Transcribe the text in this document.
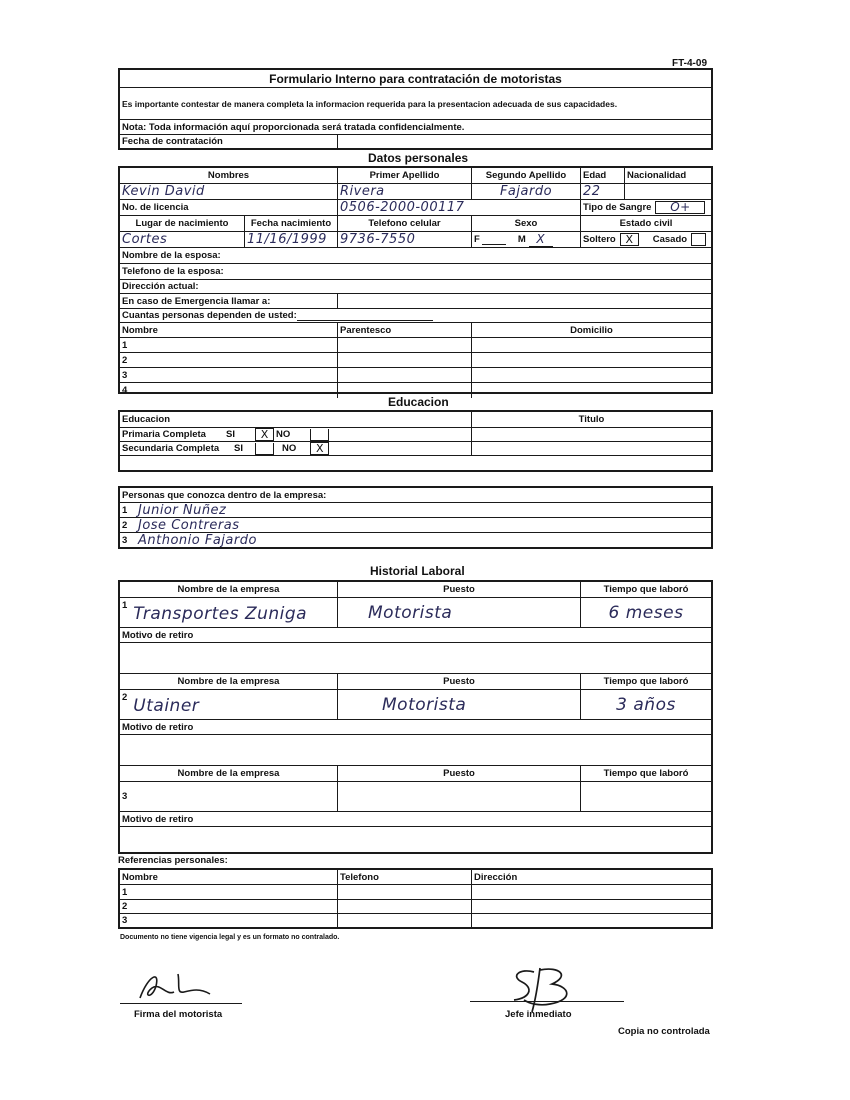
FT-4-09
Formulario Interno para contratación de motoristas
Es importante contestar de manera completa la informacion requerida para la presentacion adecuada de sus capacidades.
Nota: Toda información aquí proporcionada será tratada confidencialmente.
Fecha de contratación
Datos personales
Nombres	Primer Apellido	Segundo Apellido	Edad	Nacionalidad
Kevin David	Rivera	Fajardo 22
No. de licencia	0506-2000-00117	Tipo de Sangre	O+
Lugar de nacimiento	Fecha nacimiento	Telefono celular	Sexo	Estado civil
Cortes	11/16/1999 9736-7550	F	M X	Soltero X	Casado
Nombre de la esposa:
Telefono de la esposa:
Dirección actual:
En caso de Emergencia llamar a:
Cuantas personas dependen de usted:
Nombre	Parentesco	Domicilio
1
2
3
4
Educacion
Educacion	Titulo
Primaria Completa	SI	X NO
Secundaria Completa	SI	NO	X
Personas que conozca dentro de la empresa:
1 Junior Nuñez
2 Jose Contreras
3 Anthonio Fajardo
Historial Laboral
Nombre de la empresa	Puesto	Tiempo que laboró
1 Transportes Zuniga	Motorista	6 meses
Motivo de retiro
Nombre de la empresa	Puesto	Tiempo que laboró
2 Utainer	Motorista	3 años
Motivo de retiro
Nombre de la empresa	Puesto	Tiempo que laboró
3
Motivo de retiro
Referencias personales:
Nombre	Telefono	Dirección
1
2
3
Documento no tiene vigencia legal y es un formato no contralado.
Firma del motorista	Jefe inmediato
Copia no controlada
